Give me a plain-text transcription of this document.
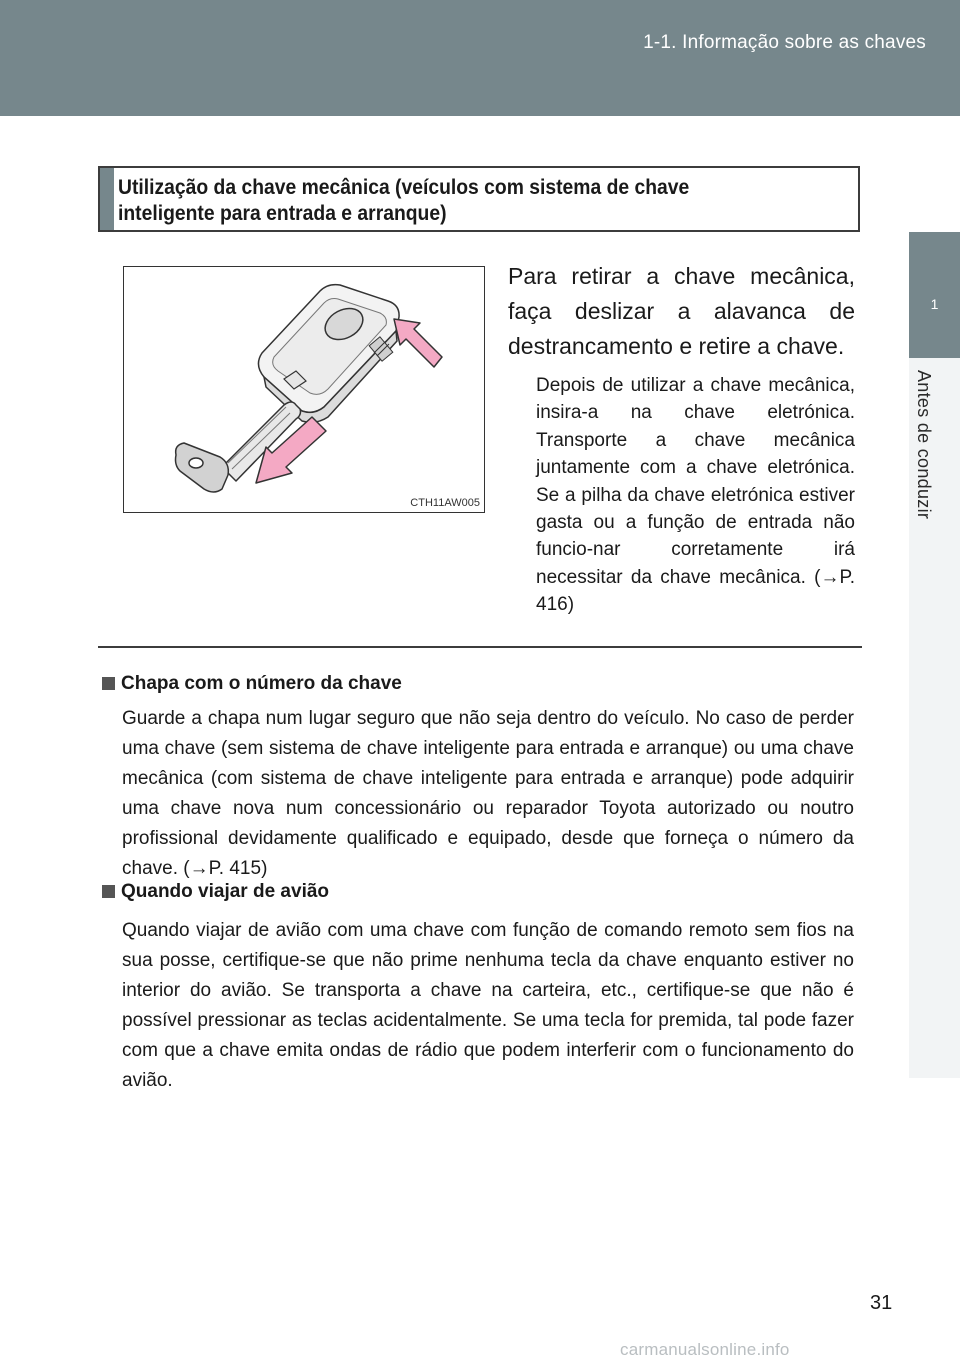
1-1. Informação sobre as chaves
1
Antes de conduzir
Utilização da chave mecânica (veículos com sistema de chave
inteligente para entrada e arranque)
CTH11AW005
Para retirar a chave mecânica, faça deslizar a alavanca de destrancamento e retire a chave.
Depois de utilizar a chave mecânica, insira-a na chave eletrónica. Transporte a chave mecânica juntamente com a chave eletrónica. Se a pilha da chave eletrónica estiver gasta ou a função de entrada não funcio-nar corretamente irá necessitar da chave mecânica. (→P. 416)
Chapa com o número da chave
Guarde a chapa num lugar seguro que não seja dentro do veículo. No caso de perder uma chave (sem sistema de chave inteligente para entrada e arranque) ou uma chave mecânica (com sistema de chave inteligente para entrada e arranque) pode adquirir uma chave nova num concessionário ou reparador Toyota autorizado ou noutro profissional devidamente qualificado e equipado, desde que forneça o número da chave. (→P. 415)
Quando viajar de avião
Quando viajar de avião com uma chave com função de comando remoto sem fios na sua posse, certifique-se que não prime nenhuma tecla da chave enquanto estiver no interior do avião. Se transporta a chave na carteira, etc., certifique-se que não é possível pressionar as teclas acidentalmente. Se uma tecla for premida, tal pode fazer com que a chave emita ondas de rádio que podem interferir com o funcionamento do avião.
31
carmanualsonline.info
